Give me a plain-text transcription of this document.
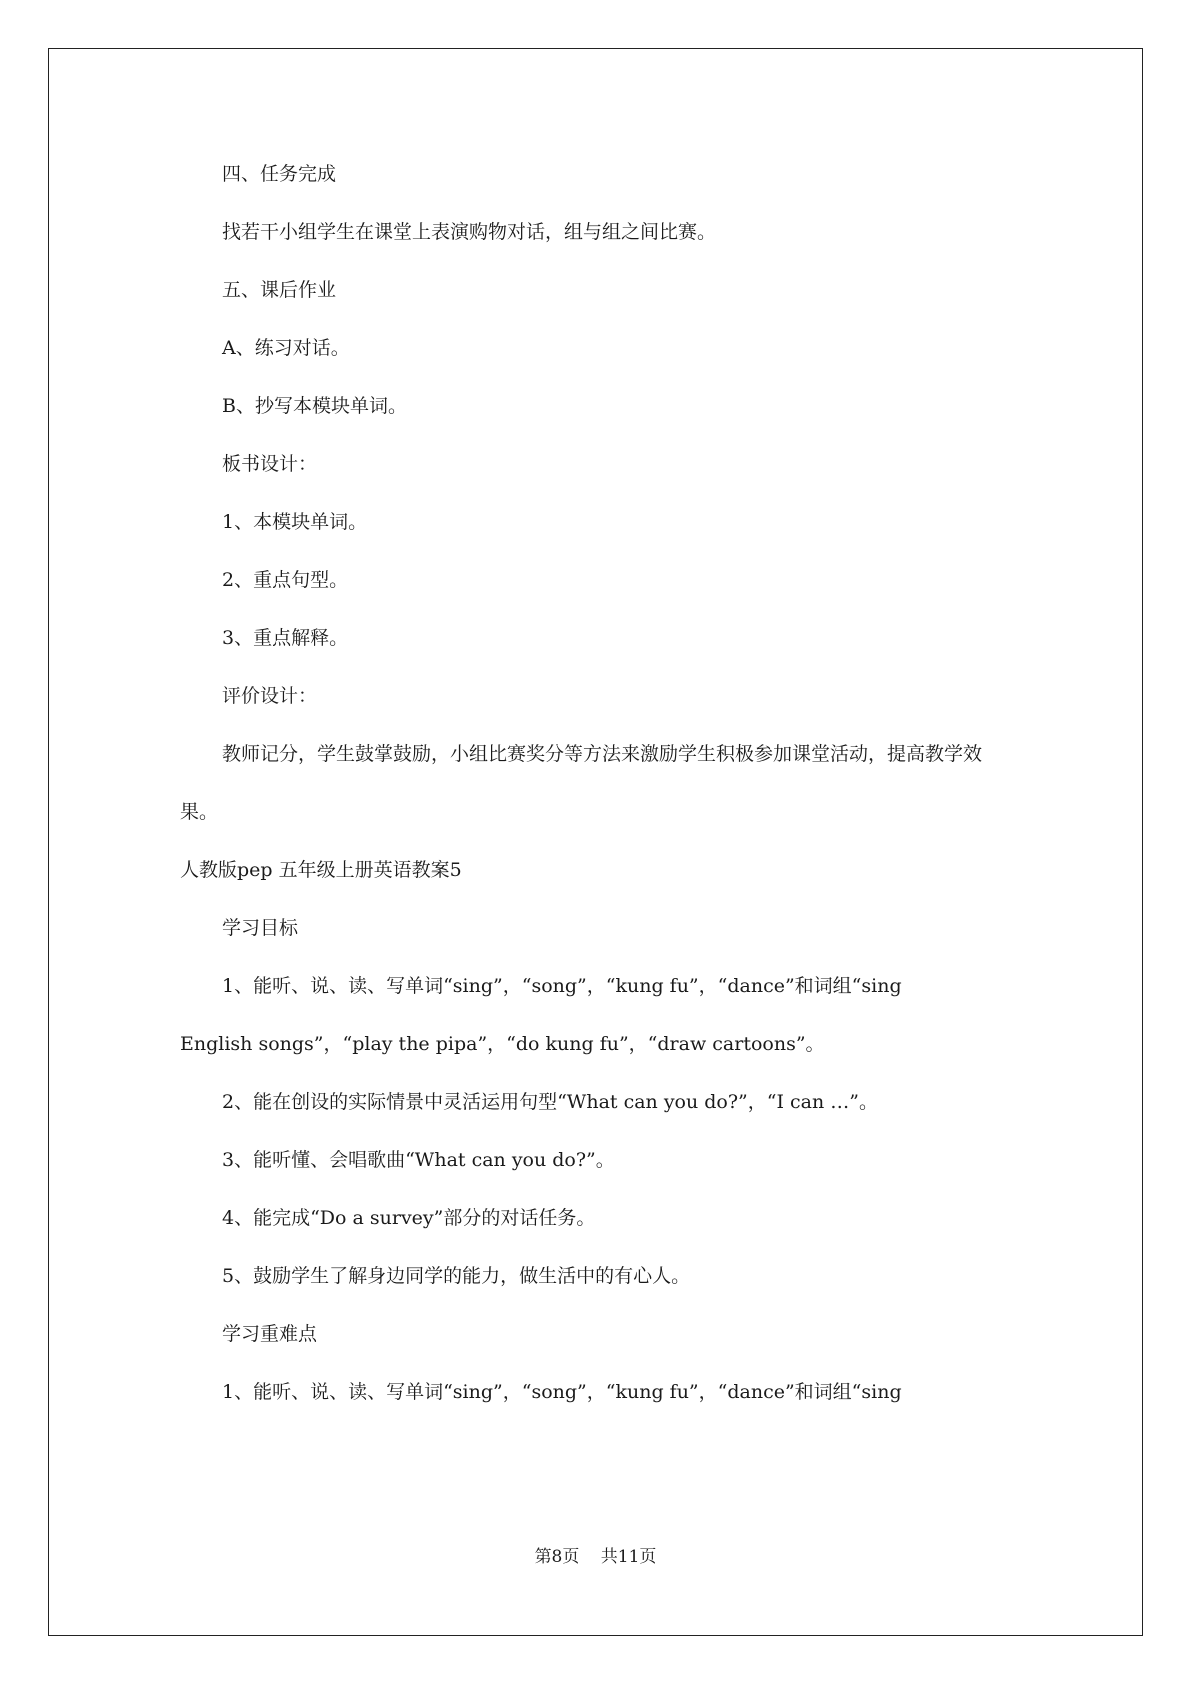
四、任务完成
找若干小组学生在课堂上表演购物对话，组与组之间比赛。
五、课后作业
A、练习对话。
B、抄写本模块单词。
板书设计：
1、本模块单词。
2、重点句型。
3、重点解释。
评价设计：
教师记分，学生鼓掌鼓励，小组比赛奖分等方法来激励学生积极参加课堂活动，提高教学效
果。
人教版pep 五年级上册英语教案5
学习目标
1、能听、说、读、写单词“sing”，“song”，“kung fu”，“dance”和词组“sing
English songs”，“play the pipa”，“do kung fu”，“draw cartoons”。
2、能在创设的实际情景中灵活运用句型“What can you do?”，“I can …”。
3、能听懂、会唱歌曲“What can you do?”。
4、能完成“Do a survey”部分的对话任务。
5、鼓励学生了解身边同学的能力，做生活中的有心人。
学习重难点
1、能听、说、读、写单词“sing”，“song”，“kung fu”，“dance”和词组“sing
第8页 共11页
